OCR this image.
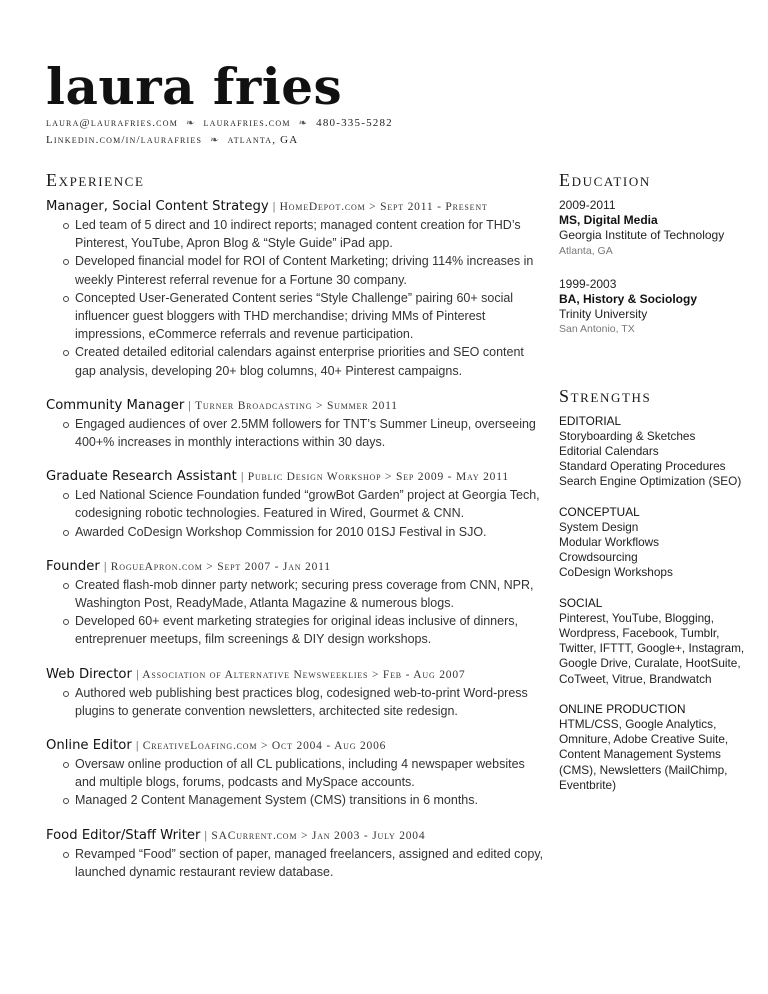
laura fries
laura@laurafries.com ❧ laurafries.com ❧ 480-335-5282
Linkedin.com/in/laurafries ❧ atlanta, GA
Experience
Manager, Social Content Strategy | HomeDepot.com > Sept 2011 - Present
Led team of 5 direct and 10 indirect reports; managed content creation for THD’s Pinterest, YouTube, Apron Blog & “Style Guide” iPad app.
Developed financial model for ROI of Content Marketing; driving 114% increases in weekly Pinterest referral revenue for a Fortune 30 company.
Concepted User-Generated Content series “Style Challenge” pairing 60+ social influencer guest bloggers with THD merchandise; driving MMs of Pinterest impressions, eCommerce referrals and revenue participation.
Created detailed editorial calendars against enterprise priorities and SEO content gap analysis, developing 20+ blog columns, 40+ Pinterest campaigns.
Community Manager | Turner Broadcasting > Summer 2011
Engaged audiences of over 2.5MM followers for TNT’s Summer Lineup, overseeing 400+% increases in monthly interactions within 30 days.
Graduate Research Assistant | Public Design Workshop > Sep 2009 - May 2011
Led National Science Foundation funded “growBot Garden” project at Georgia Tech, codesigning robotic technologies. Featured in Wired, Gourmet & CNN.
Awarded CoDesign Workshop Commission for 2010 01SJ Festival in SJO.
Founder | RogueApron.com > Sept 2007 - Jan 2011
Created flash-mob dinner party network; securing press coverage from CNN, NPR, Washington Post, ReadyMade, Atlanta Magazine & numerous blogs.
Developed 60+ event marketing strategies for original ideas inclusive of dinners, entreprenuer meetups, film screenings & DIY design workshops.
Web Director | Association of Alternative Newsweeklies > Feb - Aug 2007
Authored web publishing best practices blog, codesigned web-to-print Word-press plugins to generate convention newsletters, architected site redesign.
Online Editor | CreativeLoafing.com > Oct 2004 - Aug 2006
Oversaw online production of all CL publications, including 4 newspaper websites and multiple blogs, forums, podcasts and MySpace accounts.
Managed 2 Content Management System (CMS) transitions in 6 months.
Food Editor/Staff Writer | SACurrent.com > Jan 2003 - July 2004
Revamped “Food” section of paper, managed freelancers, assigned and edited copy, launched dynamic restaurant review database.
Education
2009-2011
MS, Digital Media
Georgia Institute of Technology
Atlanta, GA
1999-2003
BA, History & Sociology
Trinity University
San Antonio, TX
Strengths
EDITORIAL
Storyboarding & Sketches
Editorial Calendars
Standard Operating Procedures
Search Engine Optimization (SEO)
CONCEPTUAL
System Design
Modular Workflows
Crowdsourcing
CoDesign Workshops
SOCIAL
Pinterest, YouTube, Blogging, Wordpress, Facebook, Tumblr, Twitter, IFTTT, Google+, Instagram, Google Drive, Curalate, HootSuite, CoTweet, Vitrue, Brandwatch
ONLINE PRODUCTION
HTML/CSS, Google Analytics, Omniture, Adobe Creative Suite, Content Management Systems (CMS), Newsletters (MailChimp, Eventbrite)
